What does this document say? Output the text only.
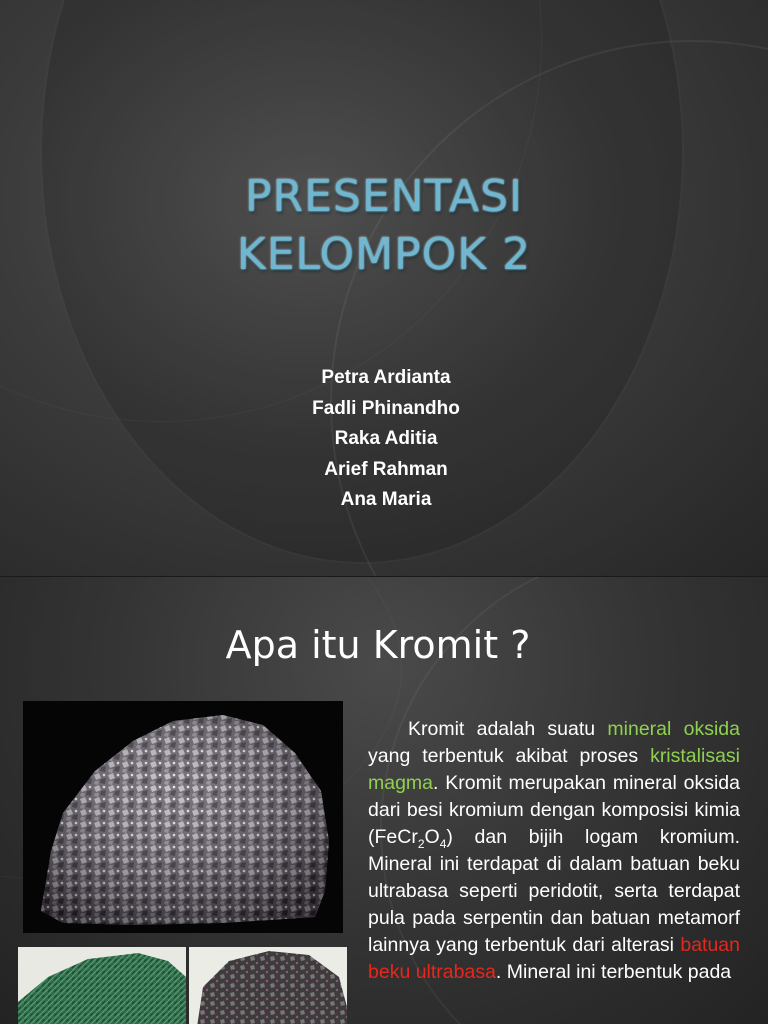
PRESENTASI
KELOMPOK 2
Petra Ardianta
Fadli Phinandho
Raka Aditia
Arief Rahman
Ana Maria
Apa itu Kromit ?
Kromit adalah suatu mineral oksida yang terbentuk akibat proses kristalisasi magma. Kromit merupakan mineral oksida dari besi kromium dengan komposisi kimia $(FeCr_2O_4)$ dan bijih logam kromium. Mineral ini terdapat di dalam batuan beku ultrabasa seperti peridotit, serta terdapat pula pada serpentin dan batuan metamorf lainnya yang terbentuk dari alterasi batuan beku ultrabasa. Mineral ini terbentuk pada
